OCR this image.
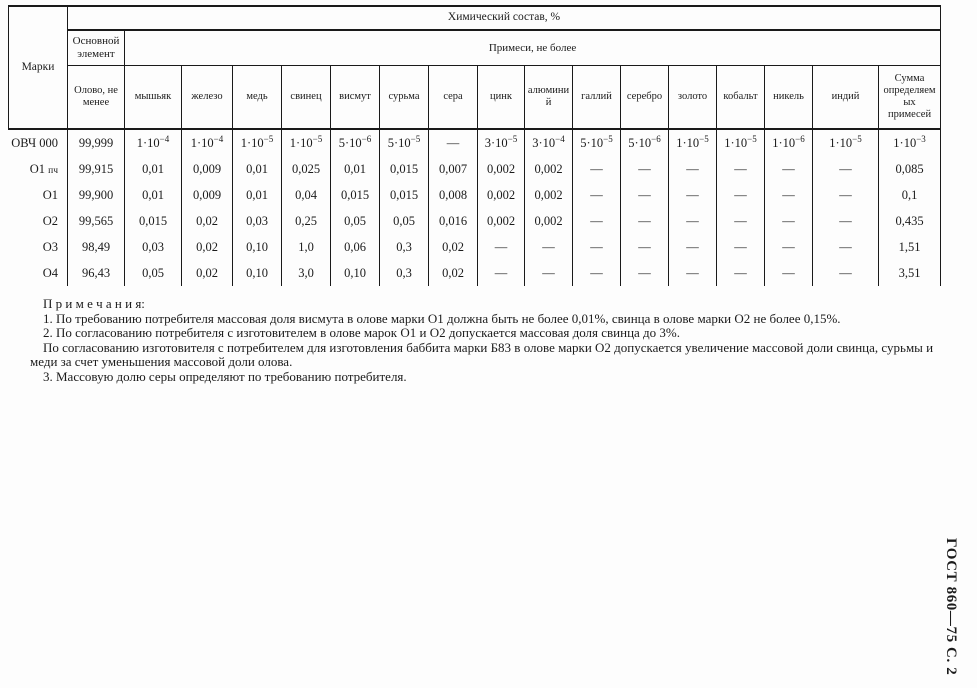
Марки	Химический состав, %																
	Основной элемент	Примеси, не более															
	Олово, не менее	мышьяк	железо	медь	свинец	висмут	сурьма	сера	цинк	алюминий	галлий	серебро	золото	кобальт	никель	индий	Сумма определяемых примесей
ОВЧ 000	99,999	$1\cdot 10^{-4}$	$1\cdot 10^{-4}$	$1\cdot 10^{-5}$	$1\cdot 10^{-5}$	$5\cdot 10^{-6}$	$5\cdot 10^{-5}$	—	$3\cdot 10^{-5}$	$3\cdot 10^{-4}$	$5\cdot 10^{-5}$	$5\cdot 10^{-6}$	$1\cdot 10^{-5}$	$1\cdot 10^{-5}$	$1\cdot 10^{-6}$	$1\cdot 10^{-5}$	$1\cdot 10^{-3}$
О1 пч	99,915	0,01	0,009	0,01	0,025	0,01	0,015	0,007	0,002	0,002	—	—	—	—	—	—	0,085
О1	99,900	0,01	0,009	0,01	0,04	0,015	0,015	0,008	0,002	0,002	—	—	—	—	—	—	0,1
О2	99,565	0,015	0,02	0,03	0,25	0,05	0,05	0,016	0,002	0,002	—	—	—	—	—	—	0,435
О3	98,49	0,03	0,02	0,10	1,0	0,06	0,3	0,02	—	—	—	—	—	—	—	—	1,51
О4	96,43	0,05	0,02	0,10	3,0	0,10	0,3	0,02	—	—	—	—	—	—	—	—	3,51

П р и м е ч а н и я:

1. По требованию потребителя массовая доля висмута в олове марки О1 должна быть не более 0,01%, свинца в олове марки О2 не более 0,15%.

2. По согласованию потребителя с изготовителем в олове марок О1 и О2 допускается массовая доля свинца до 3%.

По согласованию изготовителя с потребителем для изготовления баббита марки Б83 в олове марки О2 допускается увеличение массовой доли свинца, сурьмы и меди за счет уменьшения массовой доли олова.

3. Массовую долю серы определяют по требованию потребителя.

ГОСТ 860—75 С. 2
